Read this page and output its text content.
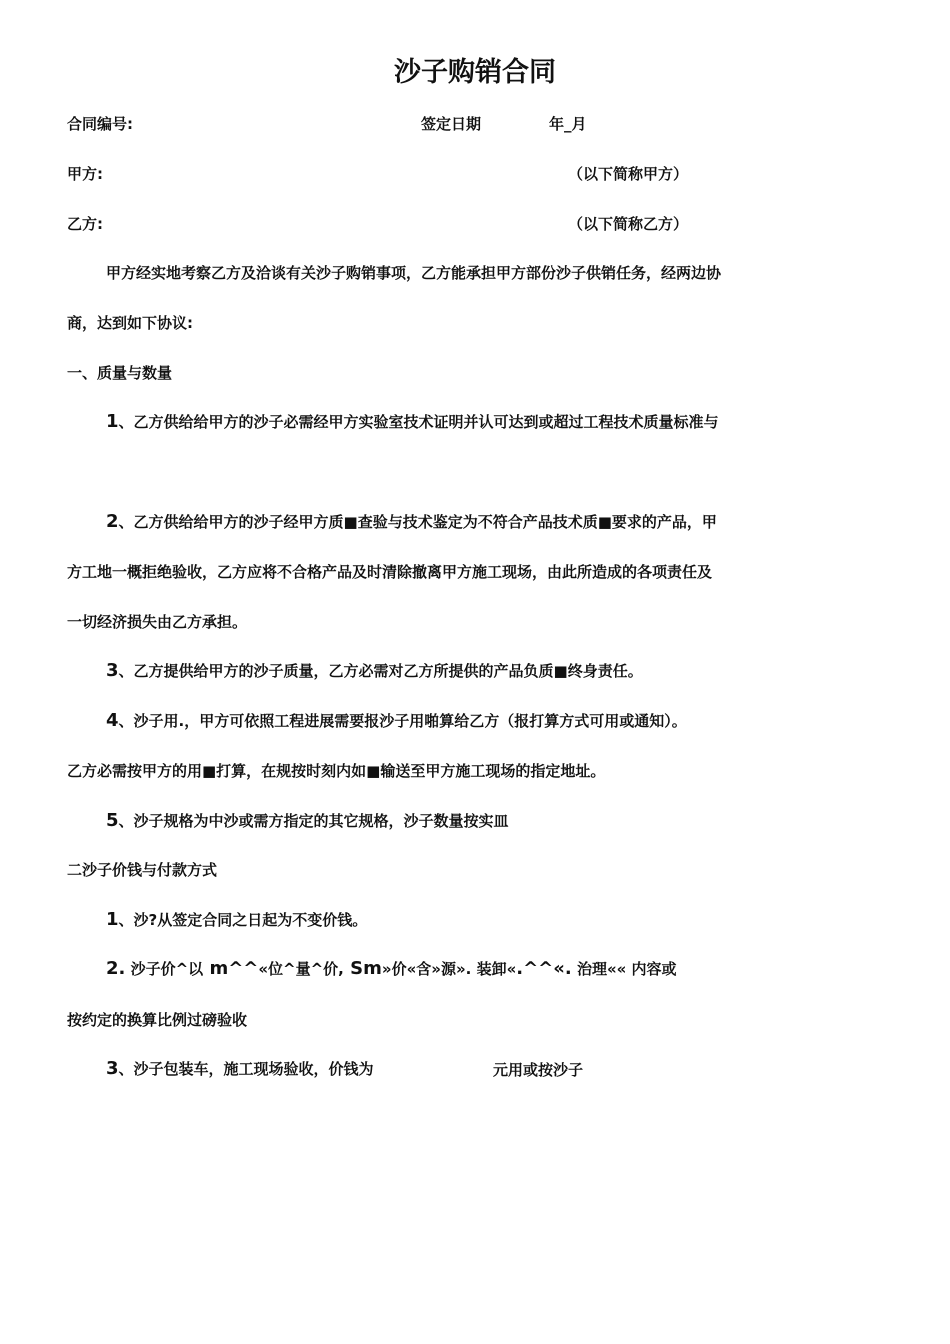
沙子购销合同
合同编号:	签定日期	年_月
甲方:	（以下简称甲方）
乙方:	（以下简称乙方）
甲方经实地考察乙方及洽谈有关沙子购销事项，乙方能承担甲方部份沙子供销任务，经两边协
商，达到如下协议:
一、质量与数量
1、乙方供给给甲方的沙子必需经甲方实验室技术证明并认可达到或超过工程技术质量标准与
2、乙方供给给甲方的沙子经甲方质■查验与技术鉴定为不符合产品技术质■要求的产品，甲
方工地一概拒绝验收，乙方应将不合格产品及时清除撤离甲方施工现场，由此所造成的各项责任及
一切经济损失由乙方承担。
3、乙方提供给甲方的沙子质量，乙方必需对乙方所提供的产品负质■终身责任。
4、沙子用.，甲方可依照工程进展需要报沙子用啪算给乙方（报打算方式可用或通知）。
乙方必需按甲方的用■打算，在规按时刻内如■输送至甲方施工现场的指定地址。
5、沙子规格为中沙或需方指定的其它规格，沙子数量按实皿
二沙子价钱与付款方式
1、沙?从签定合同之日起为不变价钱。
2. 沙子价^以 m^^«位^量^价, Sm»价«含»源». 装卸«.^^«. 治理«« 内容或
按约定的换算比例过磅验收
3、沙子包装车，施工现场验收，价钱为	元用或按沙子
